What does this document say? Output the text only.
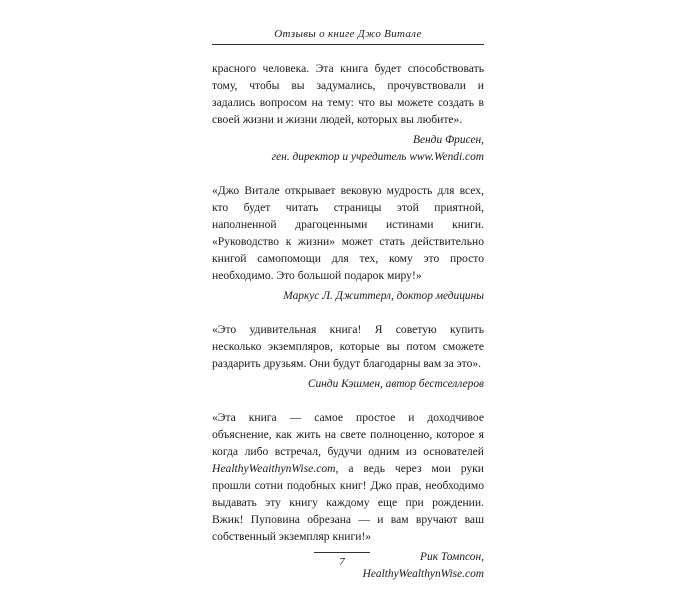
Отзывы о книге Джо Витале

красного человека. Эта книга будет способствовать тому, чтобы вы задумались, прочувствовали и задались вопросом на тему: что вы можете создать в своей жизни и жизни людей, которых вы любите».

Венди Фрисен,

ген. директор и учредитель www.Wendi.com

«Джо Витале открывает вековую мудрость для всех, кто будет читать страницы этой приятной, наполненной драгоценными истинами книги. «Руководство к жизни» может стать действительно книгой самопомощи для тех, кому это просто необходимо. Это большой подарок миру!»

Маркус Л. Джиттерл, доктор медицины

«Это удивительная книга! Я советую купить несколько экземпляров, которые вы потом сможете раздарить друзьям. Они будут благодарны вам за это».

Синди Кэшмен, автор бестселлеров

«Эта книга — самое простое и доходчивое объяснение, как жить на свете полноценно, которое я когда либо встречал, будучи одним из основателей HealthyWeaithynWise.com, а ведь через мои руки прошли сотни подобных книг! Джо прав, необходимо выдавать эту книгу каждому еще при рождении. Вжик! Пуповина обрезана — и вам вручают ваш собственный экземпляр книги!»

Рик Томпсон,

HealthyWealthynWise.com

7
